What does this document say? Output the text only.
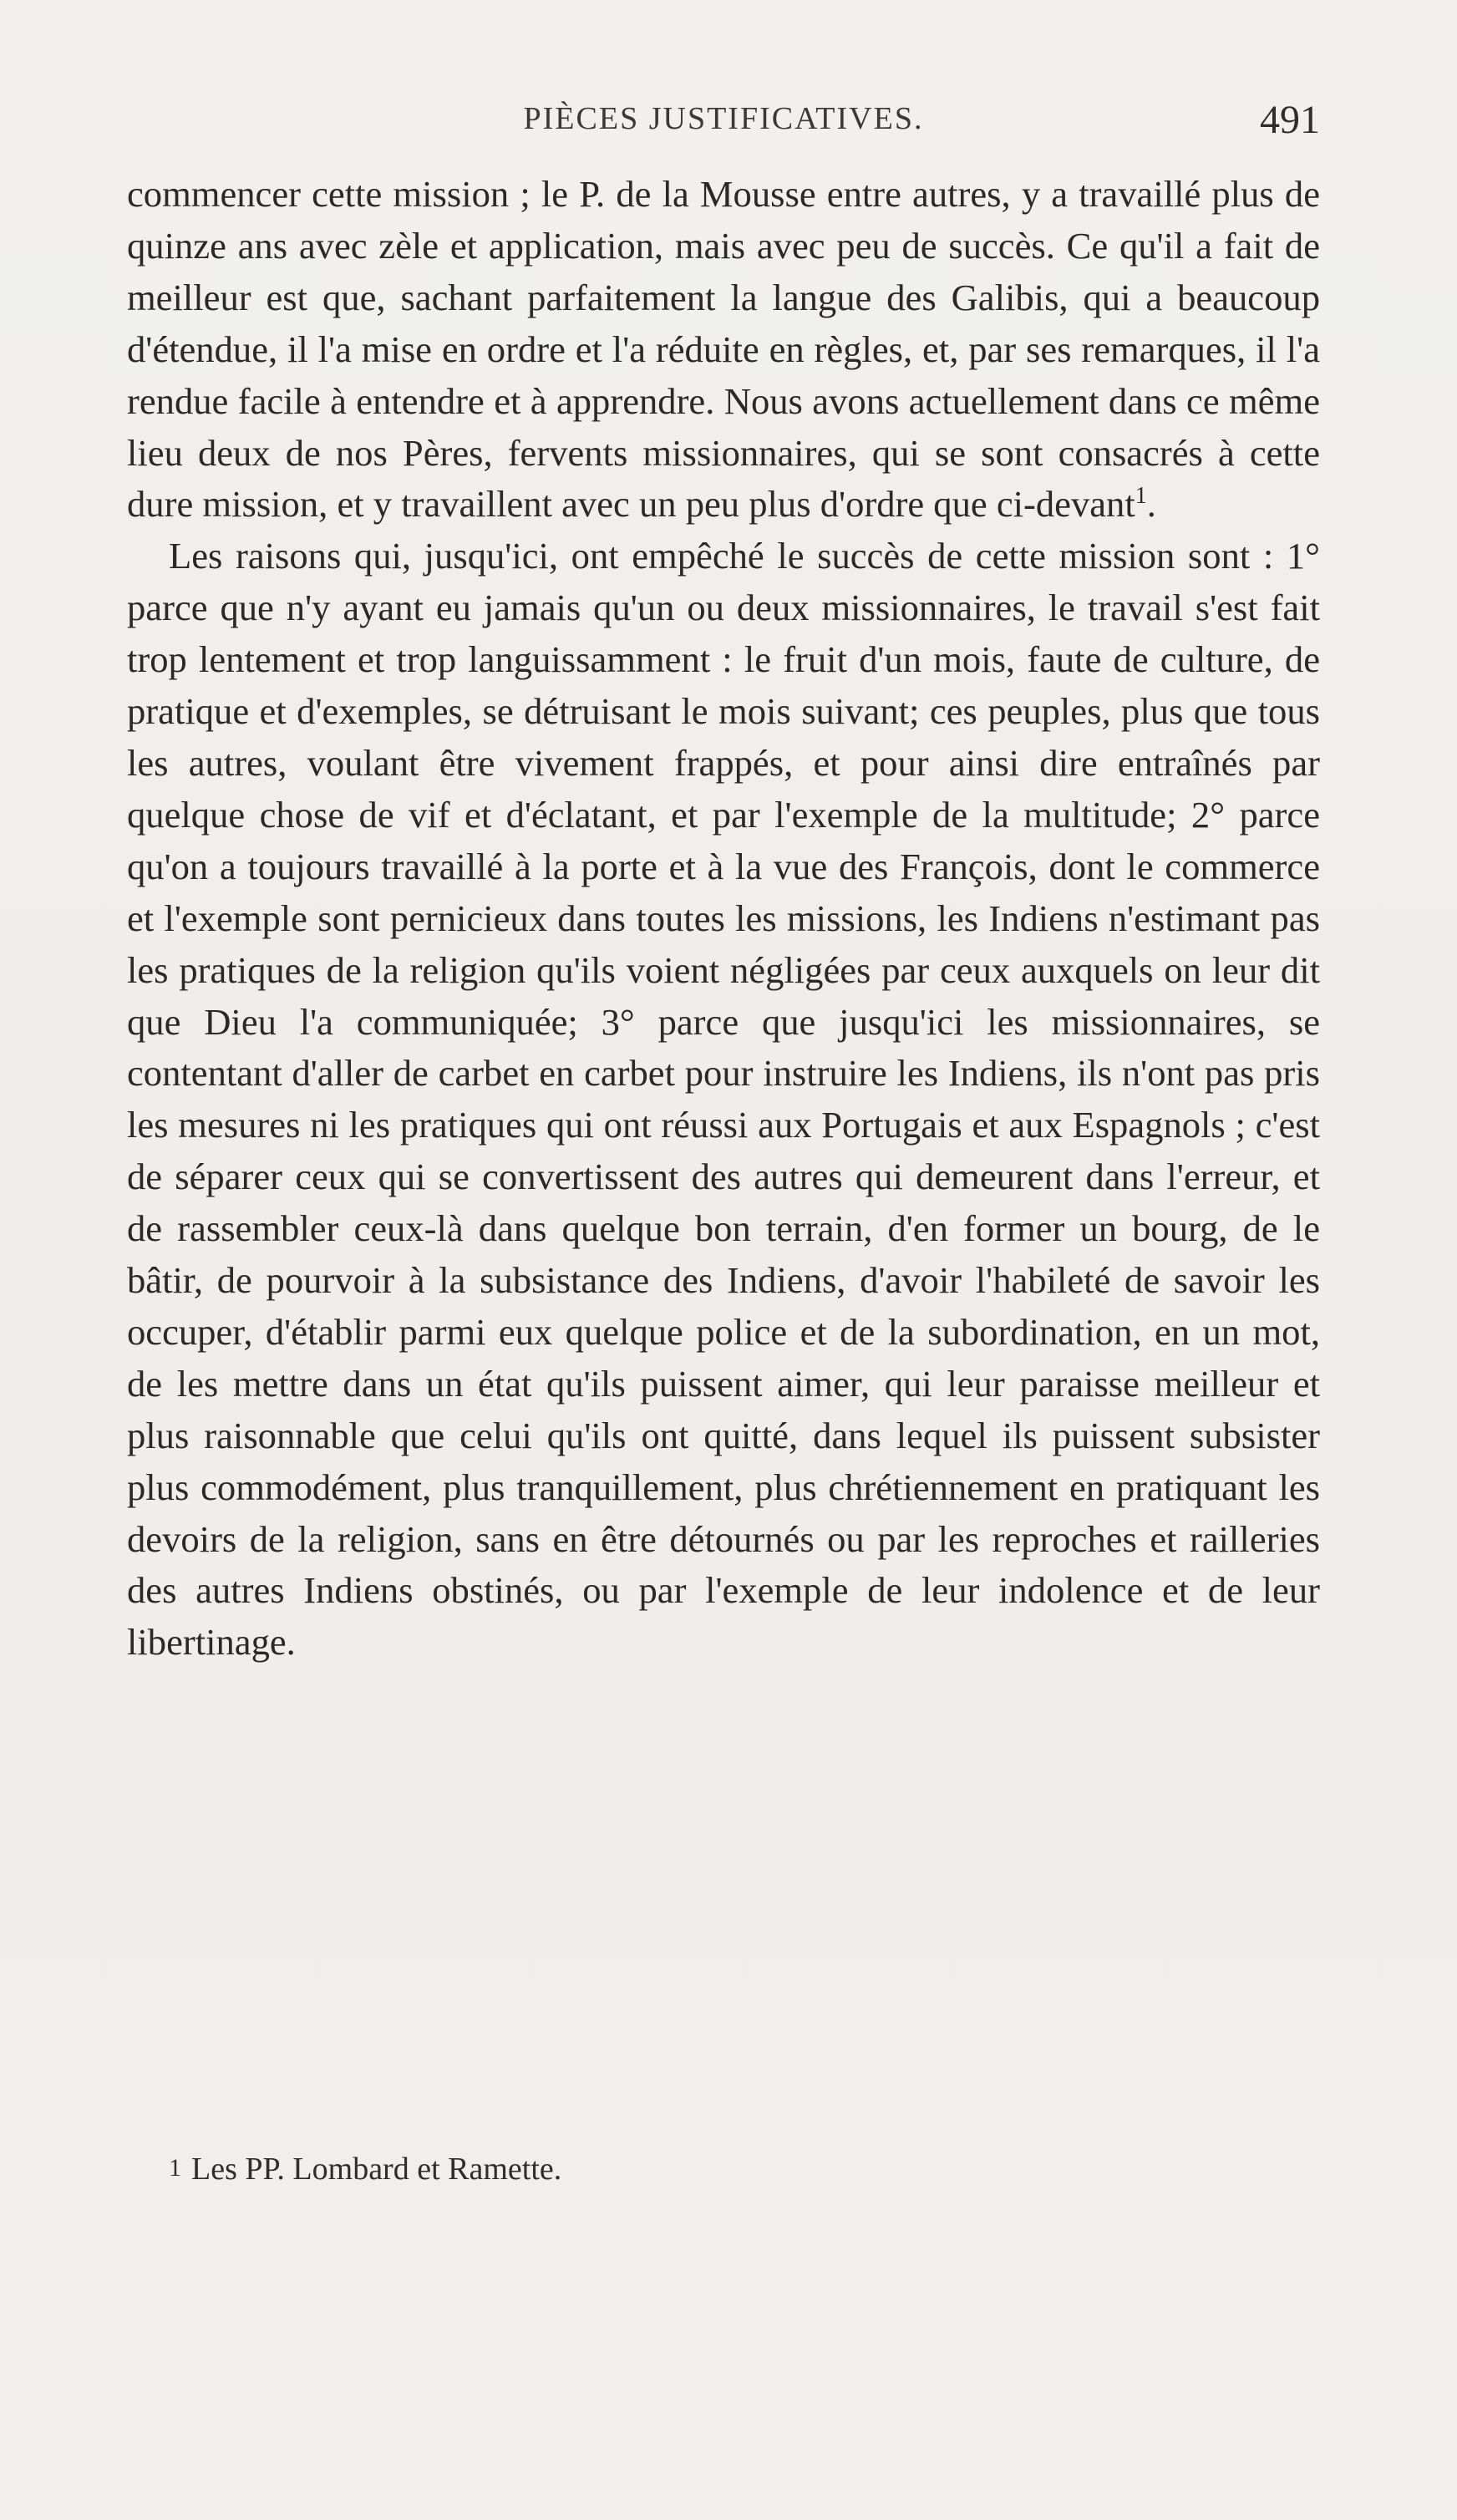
PIÈCES JUSTIFICATIVES.	491

commencer cette mission ; le P. de la Mousse entre autres, y a travaillé plus de quinze ans avec zèle et application, mais avec peu de succès. Ce qu'il a fait de meilleur est que, sachant parfaitement la langue des Galibis, qui a beaucoup d'étendue, il l'a mise en ordre et l'a réduite en règles, et, par ses remarques, il l'a rendue facile à entendre et à apprendre. Nous avons actuellement dans ce même lieu deux de nos Pères, fervents missionnaires, qui se sont consacrés à cette dure mission, et y travaillent avec un peu plus d'ordre que ci-devant$^1$.

Les raisons qui, jusqu'ici, ont empêché le succès de cette mission sont : 1° parce que n'y ayant eu jamais qu'un ou deux missionnaires, le travail s'est fait trop lentement et trop languissamment : le fruit d'un mois, faute de culture, de pratique et d'exemples, se détruisant le mois suivant; ces peuples, plus que tous les autres, voulant être vivement frappés, et pour ainsi dire entraînés par quelque chose de vif et d'éclatant, et par l'exemple de la multitude; 2° parce qu'on a toujours travaillé à la porte et à la vue des François, dont le commerce et l'exemple sont pernicieux dans toutes les missions, les Indiens n'estimant pas les pratiques de la religion qu'ils voient négligées par ceux auxquels on leur dit que Dieu l'a communiquée; 3° parce que jusqu'ici les missionnaires, se contentant d'aller de carbet en carbet pour instruire les Indiens, ils n'ont pas pris les mesures ni les pratiques qui ont réussi aux Portugais et aux Espagnols ; c'est de séparer ceux qui se convertissent des autres qui demeurent dans l'erreur, et de rassembler ceux-là dans quelque bon terrain, d'en former un bourg, de le bâtir, de pourvoir à la subsistance des Indiens, d'avoir l'habileté de savoir les occuper, d'établir parmi eux quelque police et de la subordination, en un mot, de les mettre dans un état qu'ils puissent aimer, qui leur paraisse meilleur et plus raisonnable que celui qu'ils ont quitté, dans lequel ils puissent subsister plus commodément, plus tranquillement, plus chrétiennement en pratiquant les devoirs de la religion, sans en être détournés ou par les reproches et railleries des autres Indiens obstinés, ou par l'exemple de leur indolence et de leur libertinage.

1 Les PP. Lombard et Ramette.
